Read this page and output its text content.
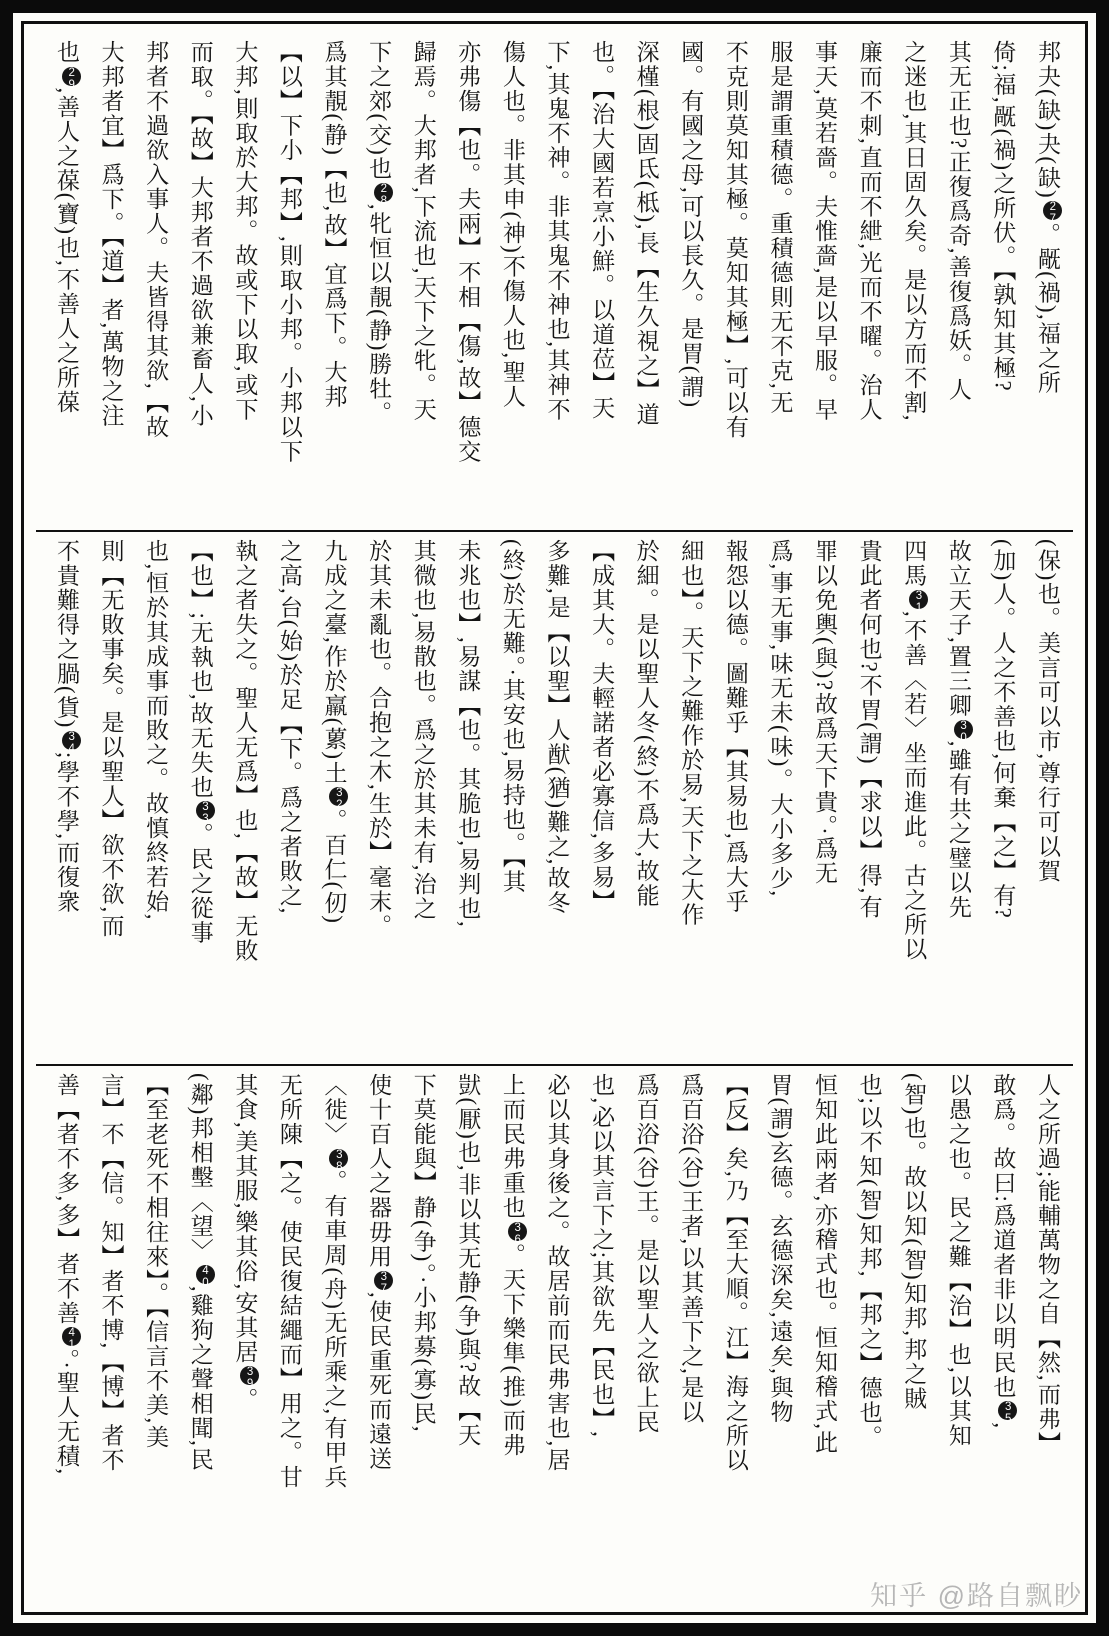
邦夬(缺)夬(缺)27。旤(禍),福之所

倚;福,旤(禍)之所伏。【孰知其極?

其无正也?正復爲奇,善復爲妖。人

之迷也,其日固久矣。是以方而不割,

廉而不刺,直而不紲,光而不曜。治人

事天,莫若嗇。夫惟嗇,是以早服。早

服是謂重積德。重積德則无不克,无

不克則莫知其極。莫知其極】,可以有

國。有國之母,可以長久。是胃(謂)

深槿(根)固氐(柢),長【生久視之】道

也。【治大國若烹小鮮。以道莅】天

下,其鬼不神。非其鬼不神也,其神不

傷人也。非其申(神)不傷人也,聖人

亦弗傷【也。夫兩】不相【傷,故】德交

歸焉。大邦者,下流也,天下之牝。天

下之郊(交)也28,牝恒以靚(静)勝牡。

爲其靚(静)【也,故】宜爲下。大邦

【以】下小【邦】,則取小邦。小邦以下

大邦,則取於大邦。故或下以取,或下

而取。【故】大邦者不過欲兼畜人,小

邦者不過欲入事人。夫皆得其欲,【故

大邦者宜】爲下。【道】者,萬物之注

也29,善人之葆(寶)也,不善人之所葆

(保)也。美言可以市,尊行可以賀

(加)人。人之不善也,何棄【之】有?

故立天子,置三卿30,雖有共之璧以先

四馬31,不善〈若〉坐而進此。古之所以

貴此者何也?不胃(謂)【求以】得,有

罪以免輿(與)?故爲天下貴。·爲无

爲,事无事,味无未(味)。大小多少,

報怨以德。圖難乎【其易也,爲大乎

細也】。天下之難作於易,天下之大作

於細。是以聖人冬(終)不爲大,故能

【成其大。夫輕諾者必寡信,多易】

多難,是【以聖】人猷(猶)難之,故冬

(終)於无難。·其安也,易持也。【其

未兆也】,易謀【也。其脆也,易判也,

其微也,易散也。爲之於其未有,治之

於其未亂也。合抱之木,生於】毫末。

九成之臺,作於羸(蔂)土32。百仁(仞)

之高,台(始)於足【下。爲之者敗之,

執之者失之。聖人无爲】也,【故】无敗

【也】;无執也,故无失也33。民之從事

也,恒於其成事而敗之。故慎終若始,

則【无敗事矣。是以聖人】欲不欲,而

不貴難得之腡(貨)34;學不學,而復衆

人之所過;能輔萬物之自【然,而弗】

敢爲。故曰:爲道者非以明民也35,

以愚之也。民之難【治】也,以其知

(智)也。故以知(智)知邦,邦之賊

也;以不知(智)知邦,【邦之】德也。

恒知此兩者,亦稽式也。恒知稽式,此

胃(謂)玄德。玄德深矣,遠矣,與物

【反】矣,乃【至大順。江】海之所以

爲百浴(谷)王者,以其善下之,是以

爲百浴(谷)王。是以聖人之欲上民

也,必以其言下之;其欲先【民也】,

必以其身後之。故居前而民弗害也,居

上而民弗重也36。天下樂隼(推)而弗

獃(厭)也,非以其无静(争)與?故【天

下莫能與】静(争)。·小邦募(寡)民,

使十百人之器毋用37,使民重死而遠送

〈徙〉38。有車周(舟)无所乘之,有甲兵

无所陳【之。使民復結繩而】用之。甘

其食,美其服,樂其俗,安其居39。

(鄰)邦相墼〈望〉40,雞狗之聲相聞,民

【至老死不相往來】。【信言不美,美

言】不【信。知】者不博,【博】者不

善【者不多,多】者不善41。·聖人无積,

知乎 @路自飘眇
